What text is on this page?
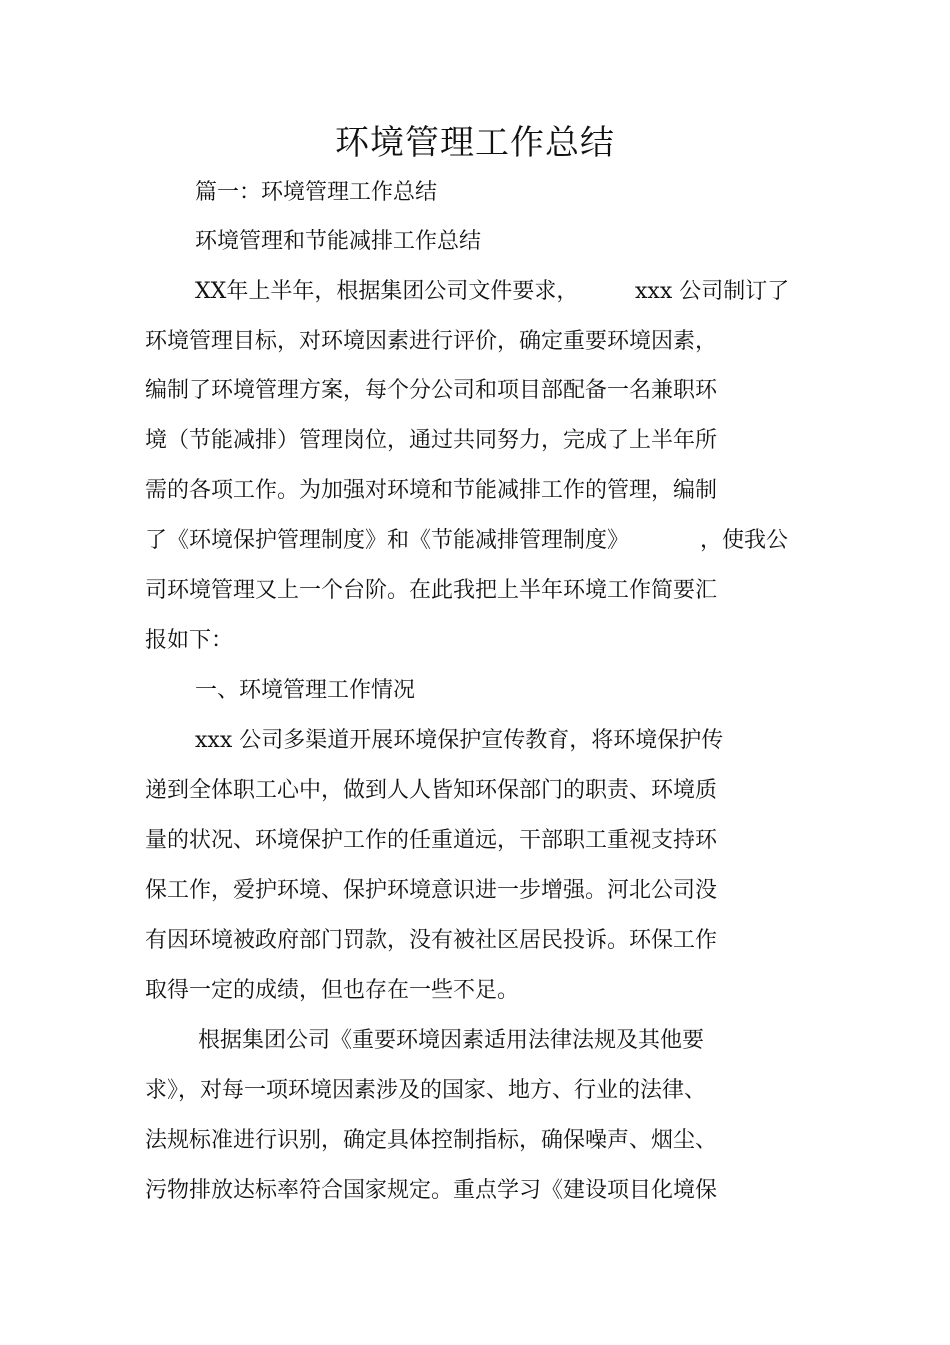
环境管理工作总结
篇一：环境管理工作总结
环境管理和节能减排工作总结
XX年上半年，根据集团公司文件要求，	xxx 公司制订了
环境管理目标，对环境因素进行评价，确定重要环境因素，
编制了环境管理方案，每个分公司和项目部配备一名兼职环
境（节能减排）管理岗位，通过共同努力，完成了上半年所
需的各项工作。为加强对环境和节能减排工作的管理，编制
了《环境保护管理制度》和《节能减排管理制度》	，使我公
司环境管理又上一个台阶。在此我把上半年环境工作简要汇
报如下：
一、环境管理工作情况
xxx 公司多渠道开展环境保护宣传教育，将环境保护传
递到全体职工心中，做到人人皆知环保部门的职责、环境质
量的状况、环境保护工作的任重道远，干部职工重视支持环
保工作，爱护环境、保护环境意识进一步增强。河北公司没
有因环境被政府部门罚款，没有被社区居民投诉。环保工作
取得一定的成绩，但也存在一些不足。
根据集团公司《重要环境因素适用法律法规及其他要
求》，对每一项环境因素涉及的国家、地方、行业的法律、
法规标准进行识别，确定具体控制指标，确保噪声、烟尘、
污物排放达标率符合国家规定。重点学习《建设项目化境保
